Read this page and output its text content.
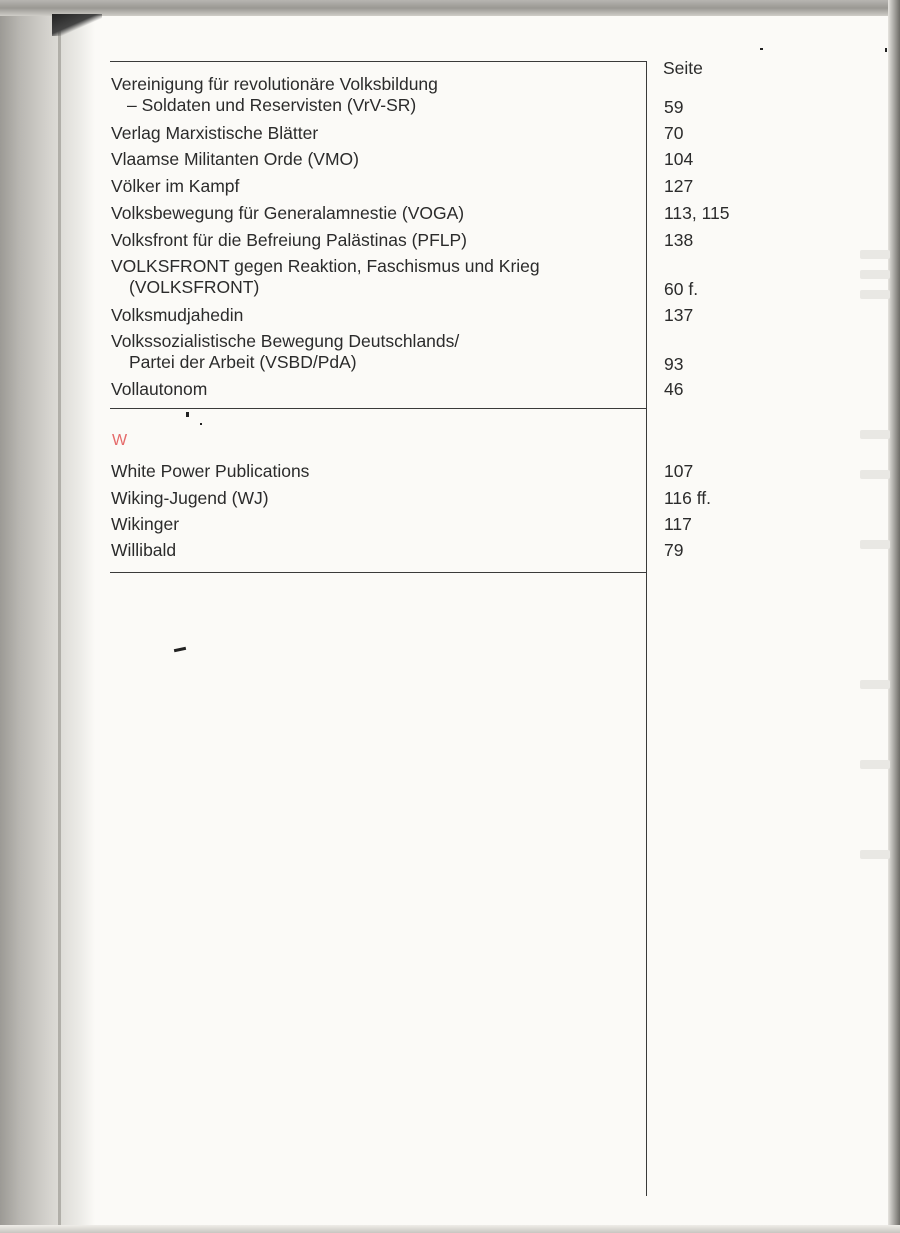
Seite
Vereinigung für revolutionäre Volksbildung
– Soldaten und Reservisten (VrV-SR)	59
Verlag Marxistische Blätter	70
Vlaamse Militanten Orde (VMO)	104
Völker im Kampf	127
Volksbewegung für Generalamnestie (VOGA)	113, 115
Volksfront für die Befreiung Palästinas (PFLP)	138
VOLKSFRONT gegen Reaktion, Faschismus und Krieg
(VOLKSFRONT)	60 f.
Volksmudjahedin	137
Volkssozialistische Bewegung Deutschlands/
Partei der Arbeit (VSBD/PdA)	93
Vollautonom	46
W
White Power Publications	107
Wiking-Jugend (WJ)	116 ff.
Wikinger	117
Willibald	79
